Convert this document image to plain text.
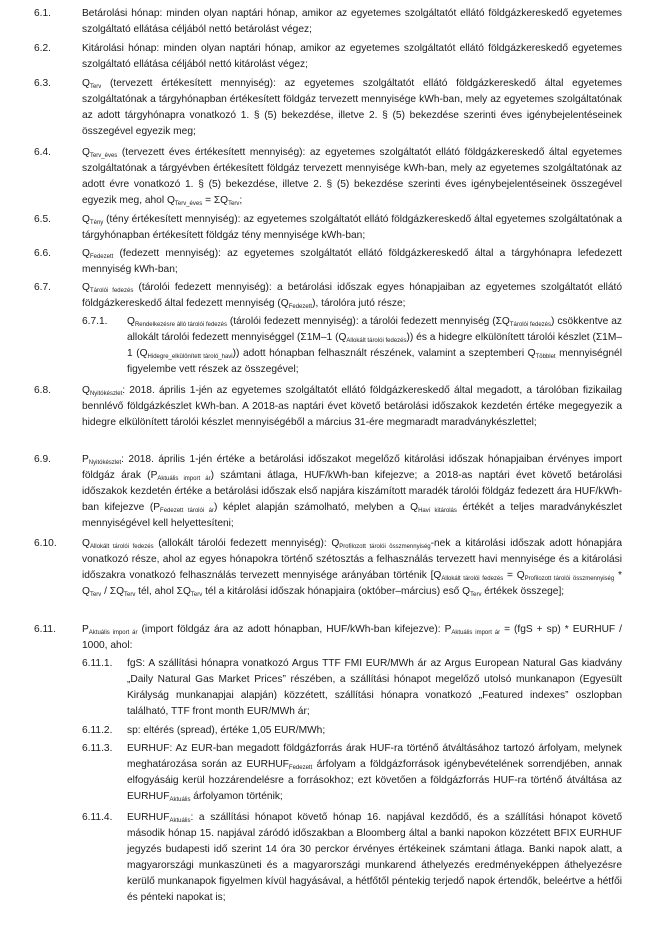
6.1.	Betárolási hónap: minden olyan naptári hónap, amikor az egyetemes szolgáltatót ellátó földgázkereskedő egyetemes szolgáltató ellátása céljából nettó betárolást végez;
6.2.	Kitárolási hónap: minden olyan naptári hónap, amikor az egyetemes szolgáltatót ellátó földgázkereskedő egyetemes szolgáltató ellátása céljából nettó kitárolást végez;
6.3.	$Q_{Terv}$ (tervezett értékesített mennyiség): az egyetemes szolgáltatót ellátó földgázkereskedő által egyetemes szolgáltatónak a tárgyhónapban értékesített földgáz tervezett mennyisége kWh-ban, mely az egyetemes szolgáltatónak az adott tárgyhónapra vonatkozó 1. § (5) bekezdése, illetve 2. § (5) bekezdése szerinti éves igénybejelentéseinek összegével egyezik meg;
6.4.	$Q_{Terv\_éves}$ (tervezett éves értékesített mennyiség): az egyetemes szolgáltatót ellátó földgázkereskedő által egyetemes szolgáltatónak a tárgyévben értékesített földgáz tervezett mennyisége kWh-ban, mely az egyetemes szolgáltatónak az adott évre vonatkozó 1. § (5) bekezdése, illetve 2. § (5) bekezdése szerinti éves igénybejelentéseinek összegével egyezik meg, ahol $Q_{Terv\_éves} = \Sigma Q_{Terv}$;
6.5.	$Q_{Tény}$ (tény értékesített mennyiség): az egyetemes szolgáltatót ellátó földgázkereskedő által egyetemes szolgáltatónak a tárgyhónapban értékesített földgáz tény mennyisége kWh-ban;
6.6.	$Q_{Fedezett}$ (fedezett mennyiség): az egyetemes szolgáltatót ellátó földgázkereskedő által a tárgyhónapra lefedezett mennyiség kWh-ban;
6.7.	$Q_{Tárolói fedezés}$ (tárolói fedezett mennyiség): a betárolási időszak egyes hónapjaiban az egyetemes szolgáltatót ellátó földgázkereskedő által fedezett mennyiség $(Q_{Fedezett})$, tárolóra jutó része;
6.7.1. $Q_{Rendelkezésre álló tárolói fedezés}$ (tárolói fedezett mennyiség): a tárolói fedezett mennyiség $(\Sigma Q_{Tárolói fedezés})$ csökkentve az allokált tárolói fedezett mennyiséggel (Σ1M–1 $(Q_{Allokált tárolói fedezés})$) és a hidegre elkülönített tárolói készlet (Σ1M–1 $(Q_{Hidegre\_elkülönített tároló\_havi})$) adott hónapban felhasznált részének, valamint a szeptemberi $Q_{Többlet}$ mennyiségnél figyelembe vett részek az összegével;
6.8.	$Q_{Nyitókészlet}$: 2018. április 1-jén az egyetemes szolgáltatót ellátó földgázkereskedő által megadott, a tárolóban fizikailag bennlévő földgázkészlet kWh-ban. A 2018-as naptári évet követő betárolási időszakok kezdetén értéke megegyezik a hidegre elkülönített tárolói készlet mennyiségéből a március 31-ére megmaradt maradványkészlettel;
6.9.	$P_{Nyitókészlet}$: 2018. április 1-jén értéke a betárolási időszakot megelőző kitárolási időszak hónapjaiban érvényes import földgáz árak $(P_{Aktuális import ár})$ számtani átlaga, HUF/kWh-ban kifejezve; a 2018-as naptári évet követő betárolási időszakok kezdetén értéke a betárolási időszak első napjára kiszámított maradék tárolói földgáz fedezett ára HUF/kWh-ban kifejezve $(P_{Fedezett tárolói ár})$ képlet alapján számolható, melyben a $Q_{Havi kitárolás}$ értékét a teljes maradványkészlet mennyiségével kell helyettesíteni;
6.10. $Q_{Allokált tárolói fedezés}$ (allokált tárolói fedezett mennyiség): $Q_{Profilozott tárolói összmennyiség}$-nek a kitárolási időszak adott hónapjára vonatkozó része, ahol az egyes hónapokra történő szétosztás a felhasználás tervezett havi mennyisége és a kitárolási időszakra vonatkozó felhasználás tervezett mennyisége arányában történik [$Q_{Allokált tárolói fedezés} = Q_{Profilozott tárolói összmennyiség} * Q_{Terv} / \Sigma Q_{Terv}$ tél, ahol $\Sigma Q_{Terv}$ tél a kitárolási időszak hónapjaira (október–március) eső $Q_{Terv}$ értékek összege];
6.11.	$P_{Aktuális import ár}$ (import földgáz ára az adott hónapban, HUF/kWh-ban kifejezve): $P_{Aktuális import ár} = (fgS + sp)$ * EURHUF / 1000, ahol:
6.11.1. fgS: A szállítási hónapra vonatkozó Argus TTF FMI EUR/MWh ár az Argus European Natural Gas kiadvány „Daily Natural Gas Market Prices” részében, a szállítási hónapot megelőző utolsó munkanapon (Egyesült Királyság munkanapjai alapján) közzétett, szállítási hónapra vonatkozó „Featured indexes” oszlopban található, TTF front month EUR/MWh ár;
6.11.2. sp: eltérés (spread), értéke 1,05 EUR/MWh;
6.11.3. EURHUF: Az EUR-ban megadott földgázforrás árak HUF-ra történő átváltásához tartozó árfolyam, melynek meghatározása során az $EURHUF_{Fedezett}$ árfolyam a földgázforrások igénybevételének sorrendjében, annak elfogyásáig kerül hozzárendelésre a forrásokhoz; ezt követően a földgázforrás HUF-ra történő átváltása az $EURHUF_{Aktuális}$ árfolyamon történik;
6.11.4. $EURHUF_{Aktuális}$: a szállítási hónapot követő hónap 16. napjával kezdődő, és a szállítási hónapot követő második hónap 15. napjával záródó időszakban a Bloomberg által a banki napokon közzétett BFIX EURHUF jegyzés budapesti idő szerint 14 óra 30 perckor érvényes értékeinek számtani átlaga. Banki napok alatt, a magyarországi munkaszüneti és a magyarországi munkarend áthelyezés eredményeképpen áthelyezésre kerülő munkanapok figyelmen kívül hagyásával, a hétfőtől péntekig terjedő napok értendők, beleértve a hétfői és pénteki napokat is;
